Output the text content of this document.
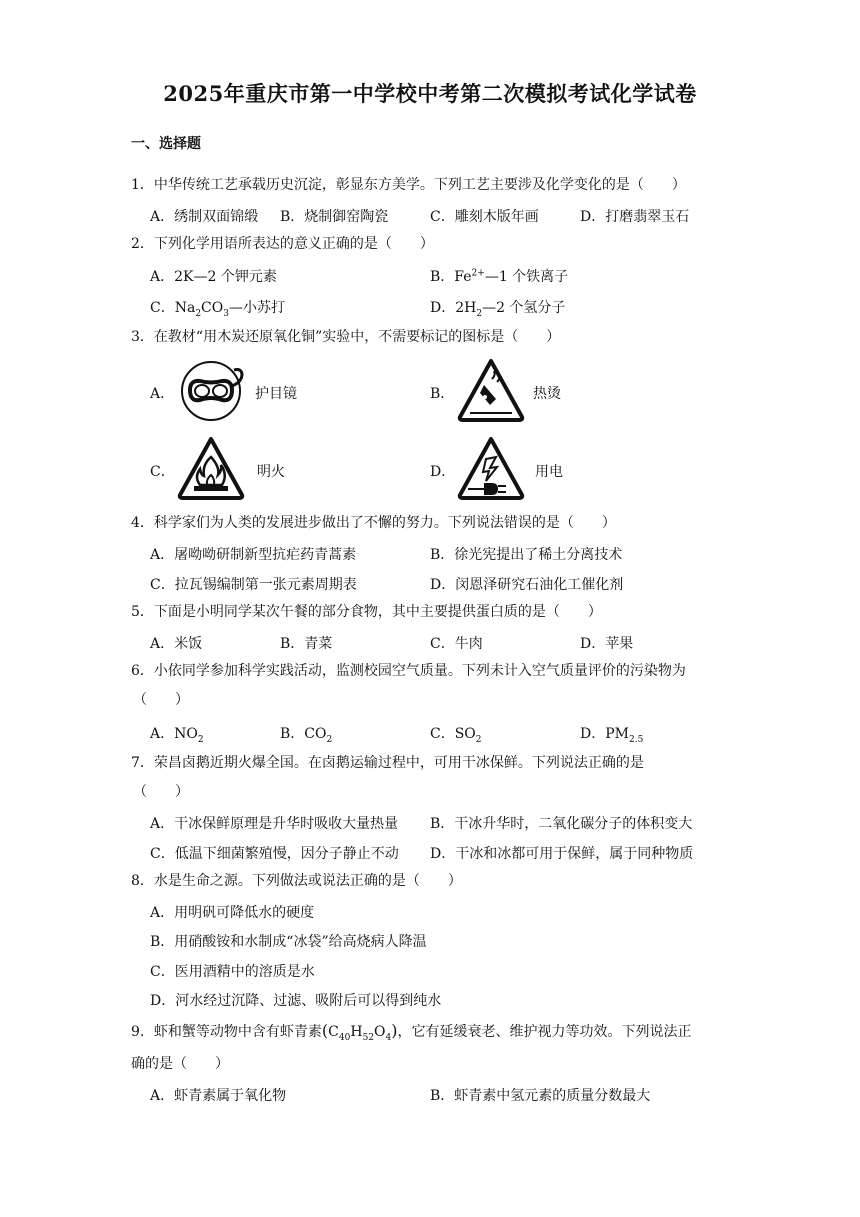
2025年重庆市第一中学校中考第二次模拟考试化学试卷
一、选择题
1．中华传统工艺承载历史沉淀，彰显东方美学。下列工艺主要涉及化学变化的是（　　）
A．绣制双面锦缎 B．烧制御窑陶瓷	C．雕刻木版年画	D．打磨翡翠玉石
2．下列化学用语所表达的意义正确的是（　　）
A．2K—2 个钾元素	B．$Fe^{2+}—1$ 个铁离子
C．$Na_2CO_3—$小苏打	D．$2H_2—2$ 个氢分子
3．在教材“用木炭还原氧化铜”实验中，不需要标记的图标是（　　）
A．	护目镜	B．	热烫
C．	明火	D．	用电
4．科学家们为人类的发展进步做出了不懈的努力。下列说法错误的是（　　）
A．屠呦呦研制新型抗疟药青蒿素	B．徐光宪提出了稀土分离技术
C．拉瓦锡编制第一张元素周期表	D．闵恩泽研究石油化工催化剂
5．下面是小明同学某次午餐的部分食物，其中主要提供蛋白质的是（　　）
A．米饭	B．青菜	C．牛肉	D．苹果
6．小依同学参加科学实践活动，监测校园空气质量。下列未计入空气质量评价的污染物为
（　　）
A．$NO_2$	B．$CO_2$	C．$SO_2$	D．$PM_{2.5}$
7．荣昌卤鹅近期火爆全国。在卤鹅运输过程中，可用干冰保鲜。下列说法正确的是
（　　）
A．干冰保鲜原理是升华时吸收大量热量 B．干冰升华时，二氧化碳分子的体积变大
C．低温下细菌繁殖慢，因分子静止不动 D．干冰和冰都可用于保鲜，属于同种物质
8．水是生命之源。下列做法或说法正确的是（　　）
A．用明矾可降低水的硬度
B．用硝酸铵和水制成“冰袋”给高烧病人降温
C．医用酒精中的溶质是水
D．河水经过沉降、过滤、吸附后可以得到纯水
9．虾和蟹等动物中含有虾青素$(C_{40}H_{52}O_4)$，它有延缓衰老、维护视力等功效。下列说法正
确的是（　　）
A．虾青素属于氧化物	B．虾青素中氢元素的质量分数最大
